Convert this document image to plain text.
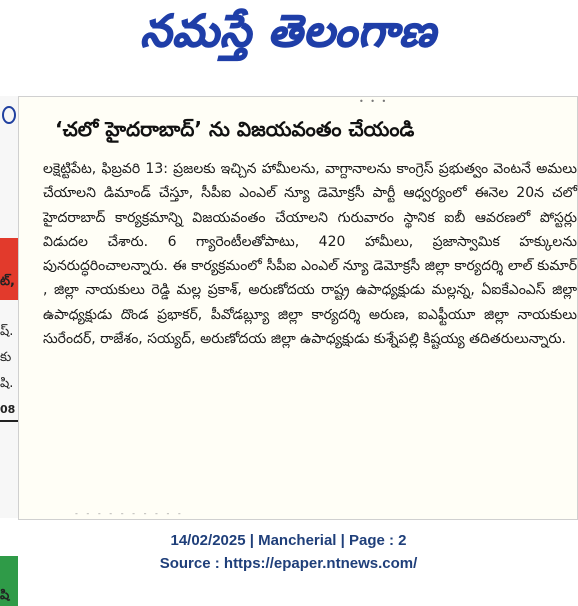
నమస్తే తెలంగాణ
ట్,
ష్.
కు
షి.
08
షి
• • •
‘చలో హైదరాబాద్’ ను విజయవంతం చేయండి

లక్షెట్టిపేట, ఫిబ్రవరి 13: ప్రజలకు ఇచ్చిన హామీలను, వాగ్దానాలను కాంగ్రెస్ ప్రభుత్వం వెంటనే అమలు చేయాలని డిమాండ్ చేస్తూ, సీపీఐ ఎంఎల్ న్యూ డెమోక్రసీ పార్టీ ఆధ్వర్యంలో ఈనెల 20న చలో హైదరాబాద్ కార్యక్రమాన్ని విజయవంతం చేయాలని గురువారం స్థానిక ఐబీ ఆవరణలో పోస్టర్లు విడుదల చేశారు. 6 గ్యారెంటీలతోపాటు, 420 హామీలు, ప్రజాస్వామిక హక్కులను పునరుద్ధరించాలన్నారు. ఈ కార్యక్రమంలో సీపీఐ ఎంఎల్ న్యూ డెమోక్రసీ జిల్లా కార్యదర్శి లాల్ కుమార్ , జిల్లా నాయకులు రెడ్డి మల్ల ప్రకాశ్, అరుణోదయ రాష్ట్ర ఉపాధ్యక్షుడు మల్లన్న, ఏఐకేఎంఎస్ జిల్లా ఉపాధ్యక్షుడు దొండ ప్రభాకర్, పీవోడబ్ల్యూ జిల్లా కార్యదర్శి అరుణ, ఐఎఫ్టీయూ జిల్లా నాయకులు సురేందర్, రాజేశం, సయ్యద్, అరుణోదయ జిల్లా ఉపాధ్యక్షుడు కుశ్నేపల్లి కిష్టయ్య తదితరులున్నారు.

- - - - - - - - - -
14/02/2025 | Mancherial | Page : 2
Source : https://epaper.ntnews.com/
